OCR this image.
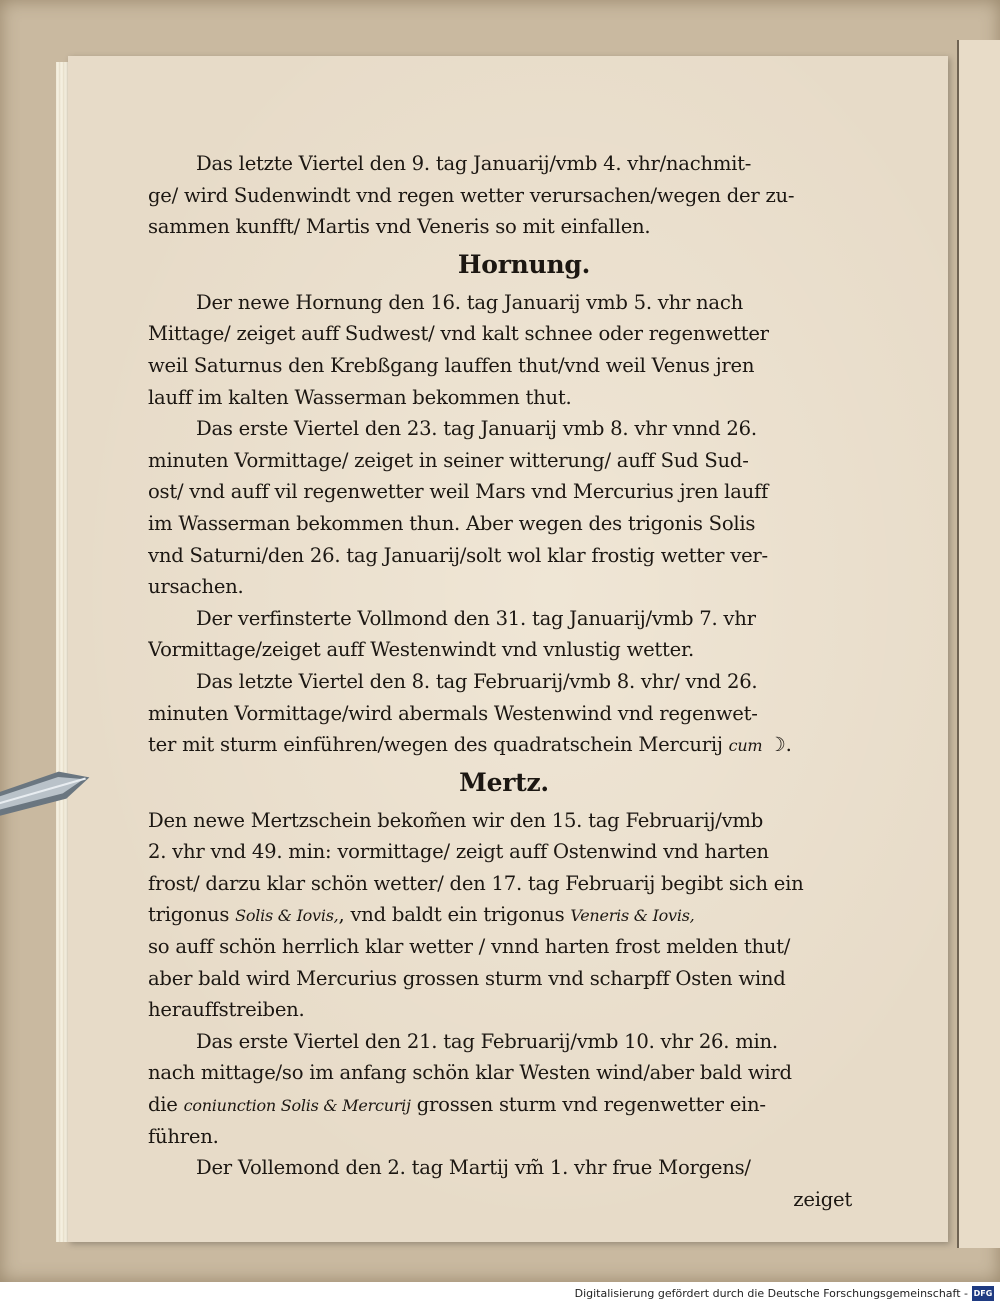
Das letzte Viertel den 9. tag Januarij/vmb 4. vhr/nachmit-
ge/ wird Sudenwindt vnd regen wetter verursachen/wegen der zu-
sammen kunfft/ Martis vnd Veneris so mit einfallen.
Hornung.
Der newe Hornung den 16. tag Januarij vmb 5. vhr nach
Mittage/ zeiget auff Sudwest/ vnd kalt schnee oder regenwetter
weil Saturnus den Krebßgang lauffen thut/vnd weil Venus jren
lauff im kalten Wasserman bekommen thut.
Das erste Viertel den 23. tag Januarij vmb 8. vhr vnnd 26.
minuten Vormittage/ zeiget in seiner witterung/ auff Sud Sud-
ost/ vnd auff vil regenwetter weil Mars vnd Mercurius jren lauff
im Wasserman bekommen thun. Aber wegen des trigonis Solis
vnd Saturni/den 26. tag Januarij/solt wol klar frostig wetter ver-
ursachen.
Der verfinsterte Vollmond den 31. tag Januarij/vmb 7. vhr
Vormittage/zeiget auff Westenwindt vnd vnlustig wetter.
Das letzte Viertel den 8. tag Februarij/vmb 8. vhr/ vnd 26.
minuten Vormittage/wird abermals Westenwind vnd regenwet-
ter mit sturm einführen/wegen des quadratschein Mercurij cum ☽.
Mertz.
Den newe Mertzschein bekom̃en wir den 15. tag Februarij/vmb
2. vhr vnd 49. min: vormittage/ zeigt auff Ostenwind vnd harten
frost/ darzu klar schön wetter/ den 17. tag Februarij begibt sich ein
trigonus Solis & Iovis,, vnd baldt ein trigonus Veneris & Iovis,
so auff schön herrlich klar wetter / vnnd harten frost melden thut/
aber bald wird Mercurius grossen sturm vnd scharpff Osten wind
herauffstreiben.
Das erste Viertel den 21. tag Februarij/vmb 10. vhr 26. min.
nach mittage/so im anfang schön klar Westen wind/aber bald wird
die coniunction Solis & Mercurij grossen sturm vnd regenwetter ein-
führen.
Der Vollemond den 2. tag Martij vm̃ 1. vhr frue Morgens/
zeiget
Digitalisierung gefördert durch die Deutsche Forschungsgemeinschaft - DFG
